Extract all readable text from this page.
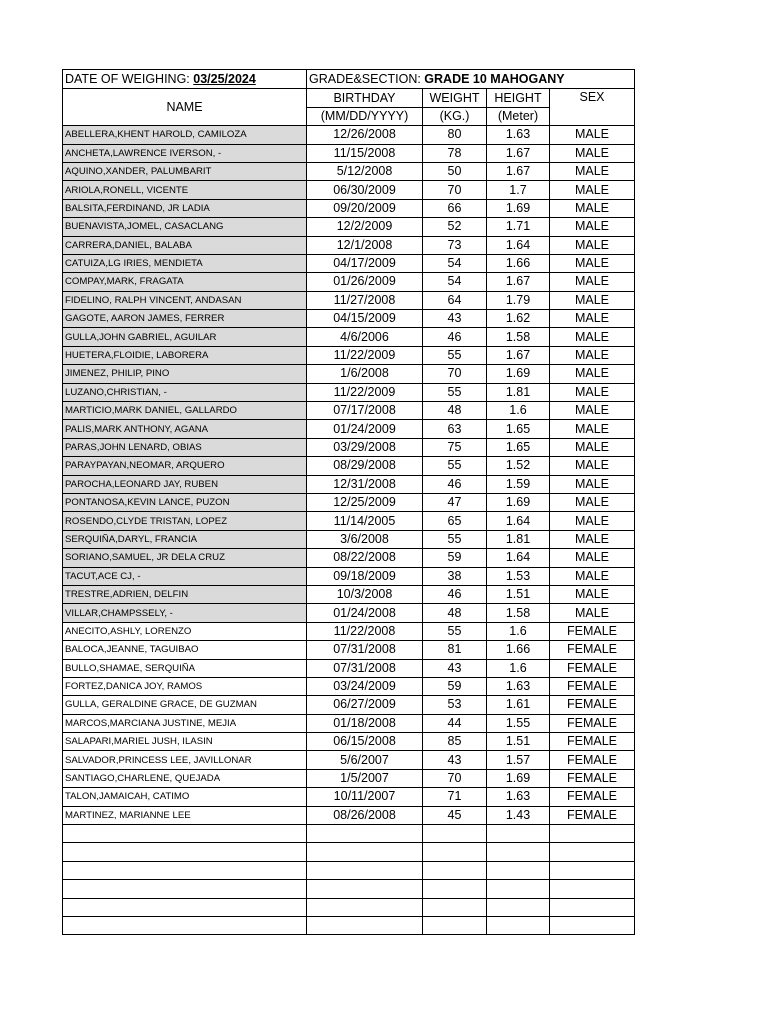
DATE OF WEIGHING: 03/25/2024	GRADE&SECTION: GRADE 10 MAHOGANY			
NAME	BIRTHDAY	WEIGHT	HEIGHT	SEX
	(MM/DD/YYYY)	(KG.)	(Meter)	
ABELLERA,KHENT HAROLD, CAMILOZA	12/26/2008	80	1.63	MALE
ANCHETA,LAWRENCE IVERSON, -	11/15/2008	78	1.67	MALE
AQUINO,XANDER, PALUMBARIT	5/12/2008	50	1.67	MALE
ARIOLA,RONELL, VICENTE	06/30/2009	70	1.7	MALE
BALSITA,FERDINAND, JR LADIA	09/20/2009	66	1.69	MALE
BUENAVISTA,JOMEL, CASACLANG	12/2/2009	52	1.71	MALE
CARRERA,DANIEL, BALABA	12/1/2008	73	1.64	MALE
CATUIZA,LG IRIES, MENDIETA	04/17/2009	54	1.66	MALE
COMPAY,MARK, FRAGATA	01/26/2009	54	1.67	MALE
FIDELINO, RALPH VINCENT, ANDASAN	11/27/2008	64	1.79	MALE
GAGOTE, AARON JAMES, FERRER	04/15/2009	43	1.62	MALE
GULLA,JOHN GABRIEL, AGUILAR	4/6/2006	46	1.58	MALE
HUETERA,FLOIDIE, LABORERA	11/22/2009	55	1.67	MALE
JIMENEZ, PHILIP, PINO	1/6/2008	70	1.69	MALE
LUZANO,CHRISTIAN, -	11/22/2009	55	1.81	MALE
MARTICIO,MARK DANIEL, GALLARDO	07/17/2008	48	1.6	MALE
PALIS,MARK ANTHONY, AGANA	01/24/2009	63	1.65	MALE
PARAS,JOHN LENARD, OBIAS	03/29/2008	75	1.65	MALE
PARAYPAYAN,NEOMAR, ARQUERO	08/29/2008	55	1.52	MALE
PAROCHA,LEONARD JAY, RUBEN	12/31/2008	46	1.59	MALE
PONTANOSA,KEVIN LANCE, PUZON	12/25/2009	47	1.69	MALE
ROSENDO,CLYDE TRISTAN, LOPEZ	11/14/2005	65	1.64	MALE
SERQUIÑA,DARYL, FRANCIA	3/6/2008	55	1.81	MALE
SORIANO,SAMUEL, JR DELA CRUZ	08/22/2008	59	1.64	MALE
TACUT,ACE CJ, -	09/18/2009	38	1.53	MALE
TRESTRE,ADRIEN, DELFIN	10/3/2008	46	1.51	MALE
VILLAR,CHAMPSSELY, -	01/24/2008	48	1.58	MALE
ANECITO,ASHLY, LORENZO	11/22/2008	55	1.6	FEMALE
BALOCA,JEANNE, TAGUIBAO	07/31/2008	81	1.66	FEMALE
BULLO,SHAMAE, SERQUIÑA	07/31/2008	43	1.6	FEMALE
FORTEZ,DANICA JOY, RAMOS	03/24/2009	59	1.63	FEMALE
GULLA, GERALDINE GRACE, DE GUZMAN	06/27/2009	53	1.61	FEMALE
MARCOS,MARCIANA JUSTINE, MEJIA	01/18/2008	44	1.55	FEMALE
SALAPARI,MARIEL JUSH, ILASIN	06/15/2008	85	1.51	FEMALE
SALVADOR,PRINCESS LEE, JAVILLONAR	5/6/2007	43	1.57	FEMALE
SANTIAGO,CHARLENE, QUEJADA	1/5/2007	70	1.69	FEMALE
TALON,JAMAICAH, CATIMO	10/11/2007	71	1.63	FEMALE
MARTINEZ, MARIANNE LEE	08/26/2008	45	1.43	FEMALE
